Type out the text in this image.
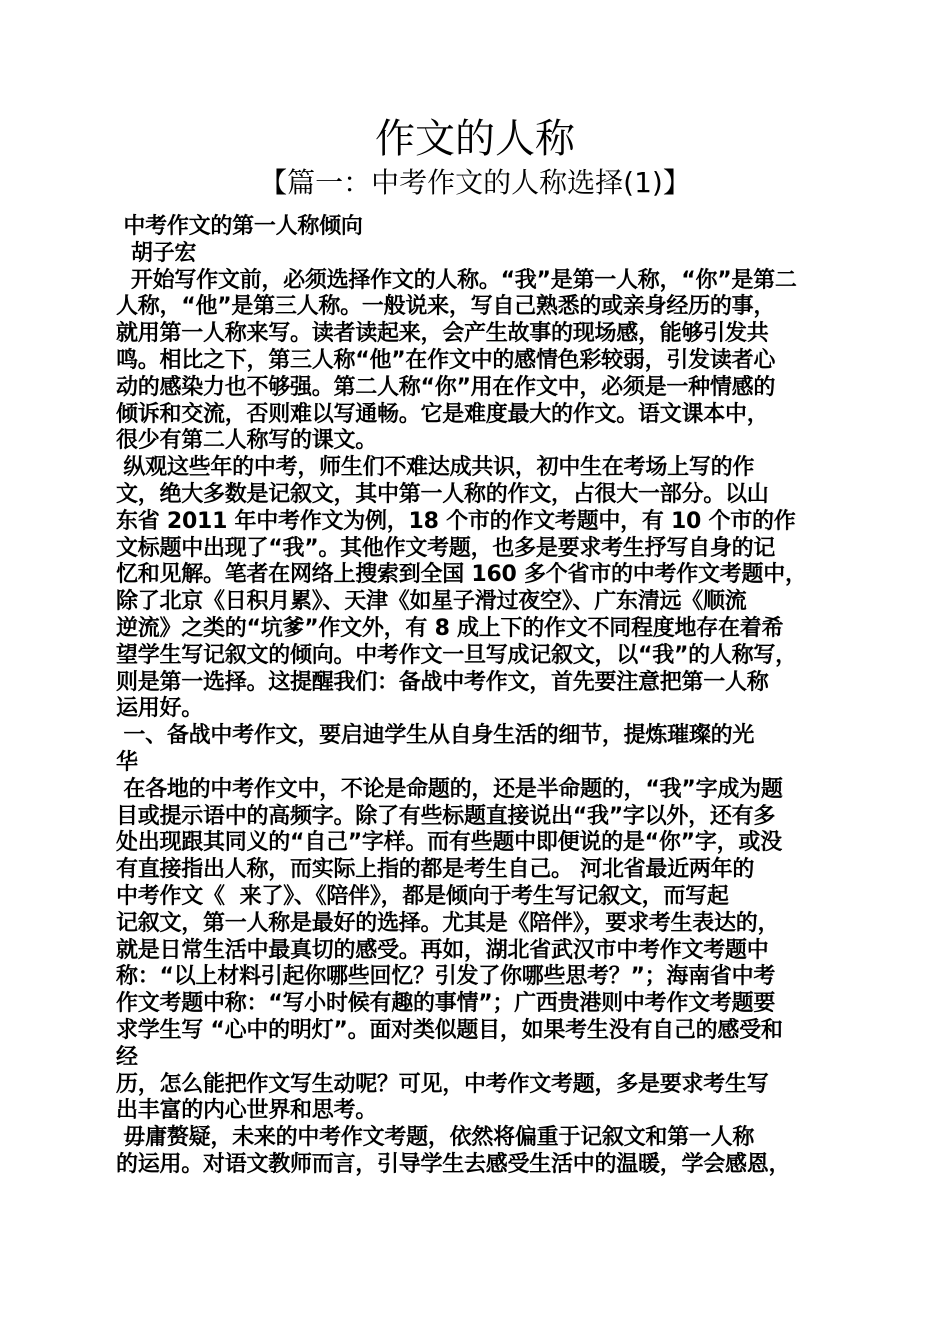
作文的人称
【篇一：中考作文的人称选择(1)】
中考作文的第一人称倾向
胡子宏
开始写作文前，必须选择作文的人称。“我”是第一人称，“你”是第二
人称，“他”是第三人称。一般说来，写自己熟悉的或亲身经历的事，
就用第一人称来写。读者读起来，会产生故事的现场感，能够引发共
鸣。相比之下，第三人称“他”在作文中的感情色彩较弱，引发读者心
动的感染力也不够强。第二人称“你”用在作文中，必须是一种情感的
倾诉和交流，否则难以写通畅。它是难度最大的作文。语文课本中，
很少有第二人称写的课文。
纵观这些年的中考，师生们不难达成共识，初中生在考场上写的作
文，绝大多数是记叙文，其中第一人称的作文，占很大一部分。以山
东省 2011 年中考作文为例，18 个市的作文考题中，有 10 个市的作
文标题中出现了“我”。其他作文考题，也多是要求考生抒写自身的记
忆和见解。笔者在网络上搜索到全国 160 多个省市的中考作文考题中，
除了北京《日积月累》、天津《如星子滑过夜空》、广东清远《顺流
逆流》之类的“坑爹”作文外，有 8 成上下的作文不同程度地存在着希
望学生写记叙文的倾向。中考作文一旦写成记叙文，以“我”的人称写，
则是第一选择。这提醒我们：备战中考作文，首先要注意把第一人称
运用好。
一、备战中考作文，要启迪学生从自身生活的细节，提炼璀璨的光
华
在各地的中考作文中，不论是命题的，还是半命题的，“我”字成为题
目或提示语中的高频字。除了有些标题直接说出“我”字以外，还有多
处出现跟其同义的“自己”字样。而有些题中即便说的是“你”字，或没
有直接指出人称，而实际上指的都是考生自己。 河北省最近两年的
中考作文《  来了》、《陪伴》，都是倾向于考生写记叙文，而写起
记叙文，第一人称是最好的选择。尤其是《陪伴》，要求考生表达的，
就是日常生活中最真切的感受。再如，湖北省武汉市中考作文考题中
称：“以上材料引起你哪些回忆？引发了你哪些思考？”；海南省中考
作文考题中称：“写小时候有趣的事情”；广西贵港则中考作文考题要
求学生写 “心中的明灯”。面对类似题目，如果考生没有自己的感受和
经
历，怎么能把作文写生动呢？可见，中考作文考题，多是要求考生写
出丰富的内心世界和思考。
毋庸赘疑，未来的中考作文考题，依然将偏重于记叙文和第一人称
的运用。对语文教师而言，引导学生去感受生活中的温暖，学会感恩，
